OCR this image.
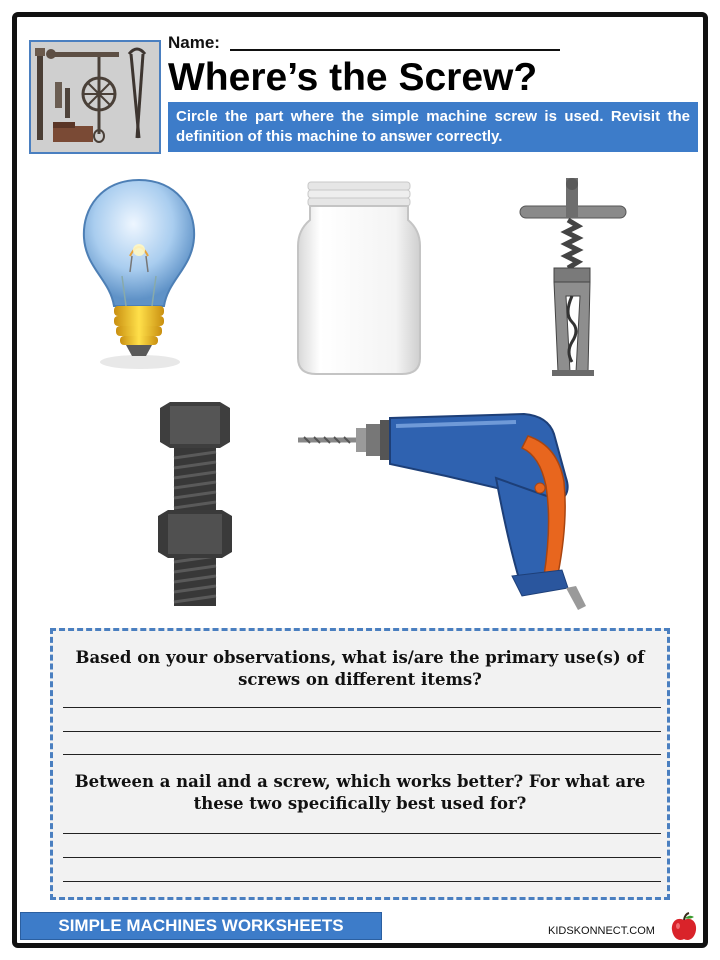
Name:
Where’s the Screw?
Circle the part where the simple machine screw is used. Revisit the definition of this machine to answer correctly.
Based on your observations, what is/are the primary use(s) of screws on different items?
Between a nail and a screw, which works better? For what are these two specifically best used for?
SIMPLE MACHINES WORKSHEETS	KIDSKONNECT.COM
